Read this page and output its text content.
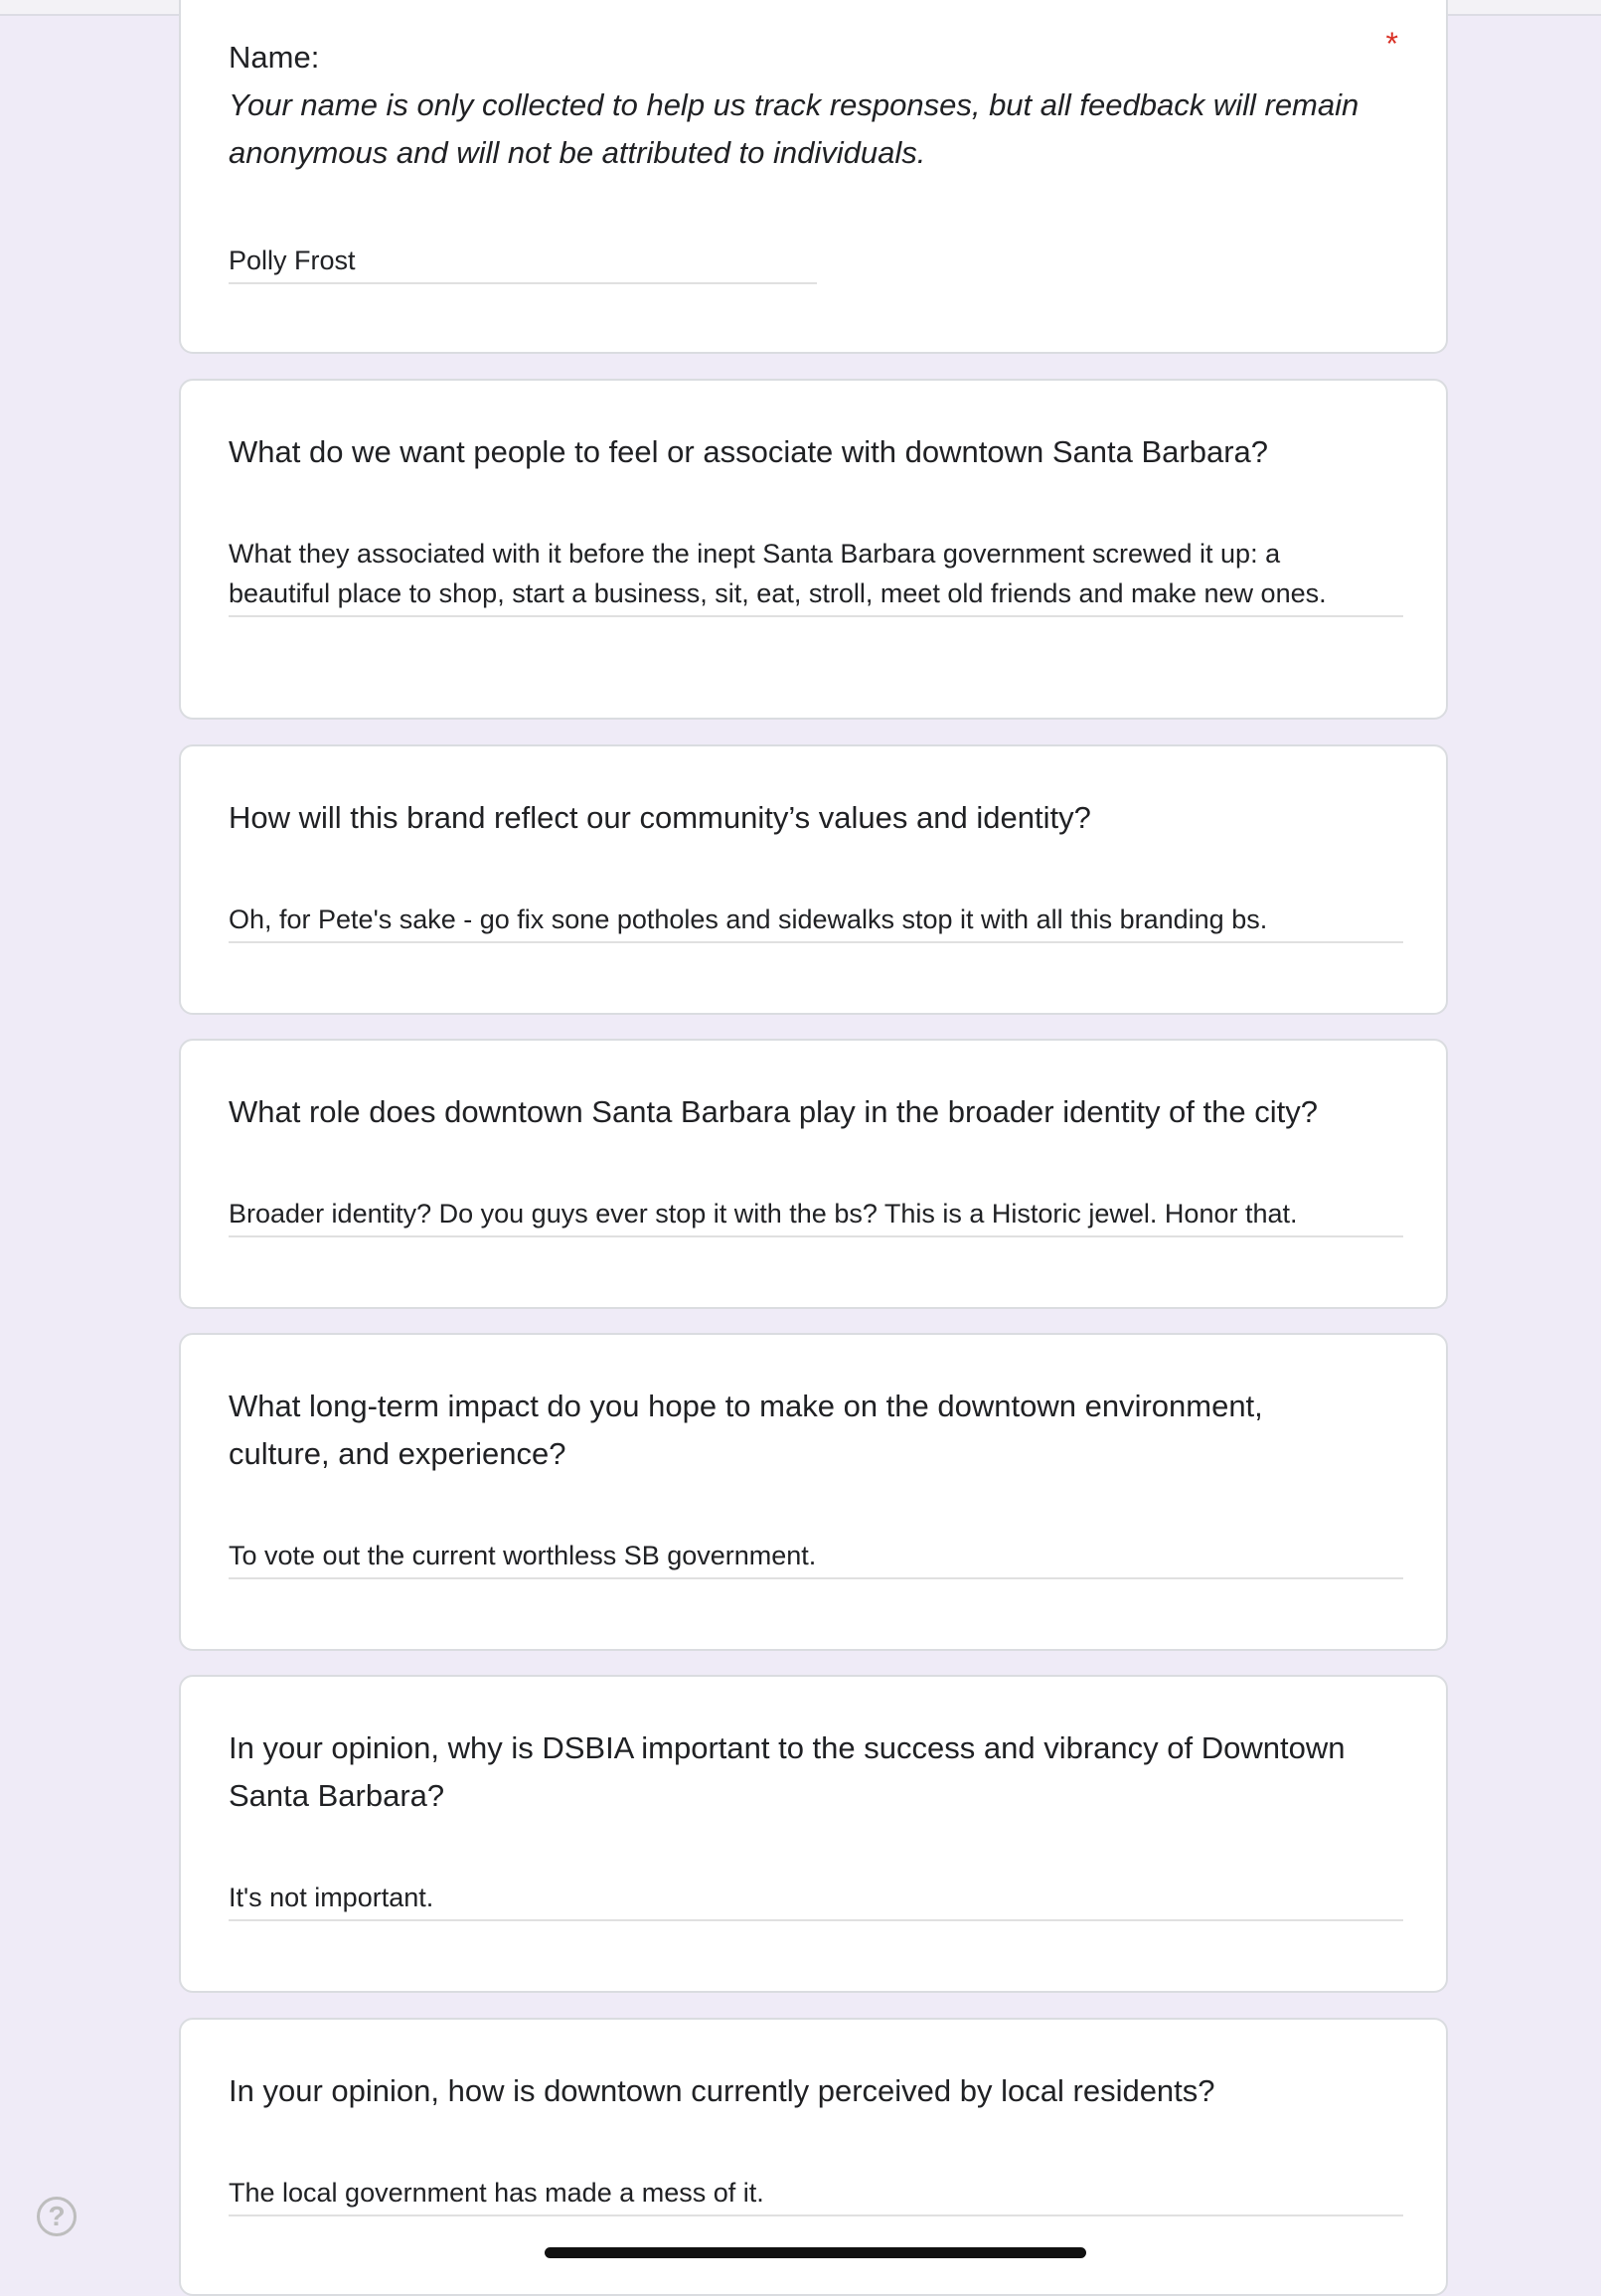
Name:	*
Your name is only collected to help us track responses, but all feedback will remain anonymous and will not be attributed to individuals.
Polly Frost
What do we want people to feel or associate with downtown Santa Barbara?
What they associated with it before the inept Santa Barbara government screwed it up: a beautiful place to shop, start a business, sit, eat, stroll, meet old friends and make new ones.
How will this brand reflect our community’s values and identity?
Oh, for Pete's sake - go fix sone potholes and sidewalks stop it with all this branding bs.
What role does downtown Santa Barbara play in the broader identity of the city?
Broader identity? Do you guys ever stop it with the bs? This is a Historic jewel. Honor that.
What long-term impact do you hope to make on the downtown environment, culture, and experience?
To vote out the current worthless SB government.
In your opinion, why is DSBIA important to the success and vibrancy of Downtown Santa Barbara?
It's not important.
In your opinion, how is downtown currently perceived by local residents?
The local government has made a mess of it.
?
